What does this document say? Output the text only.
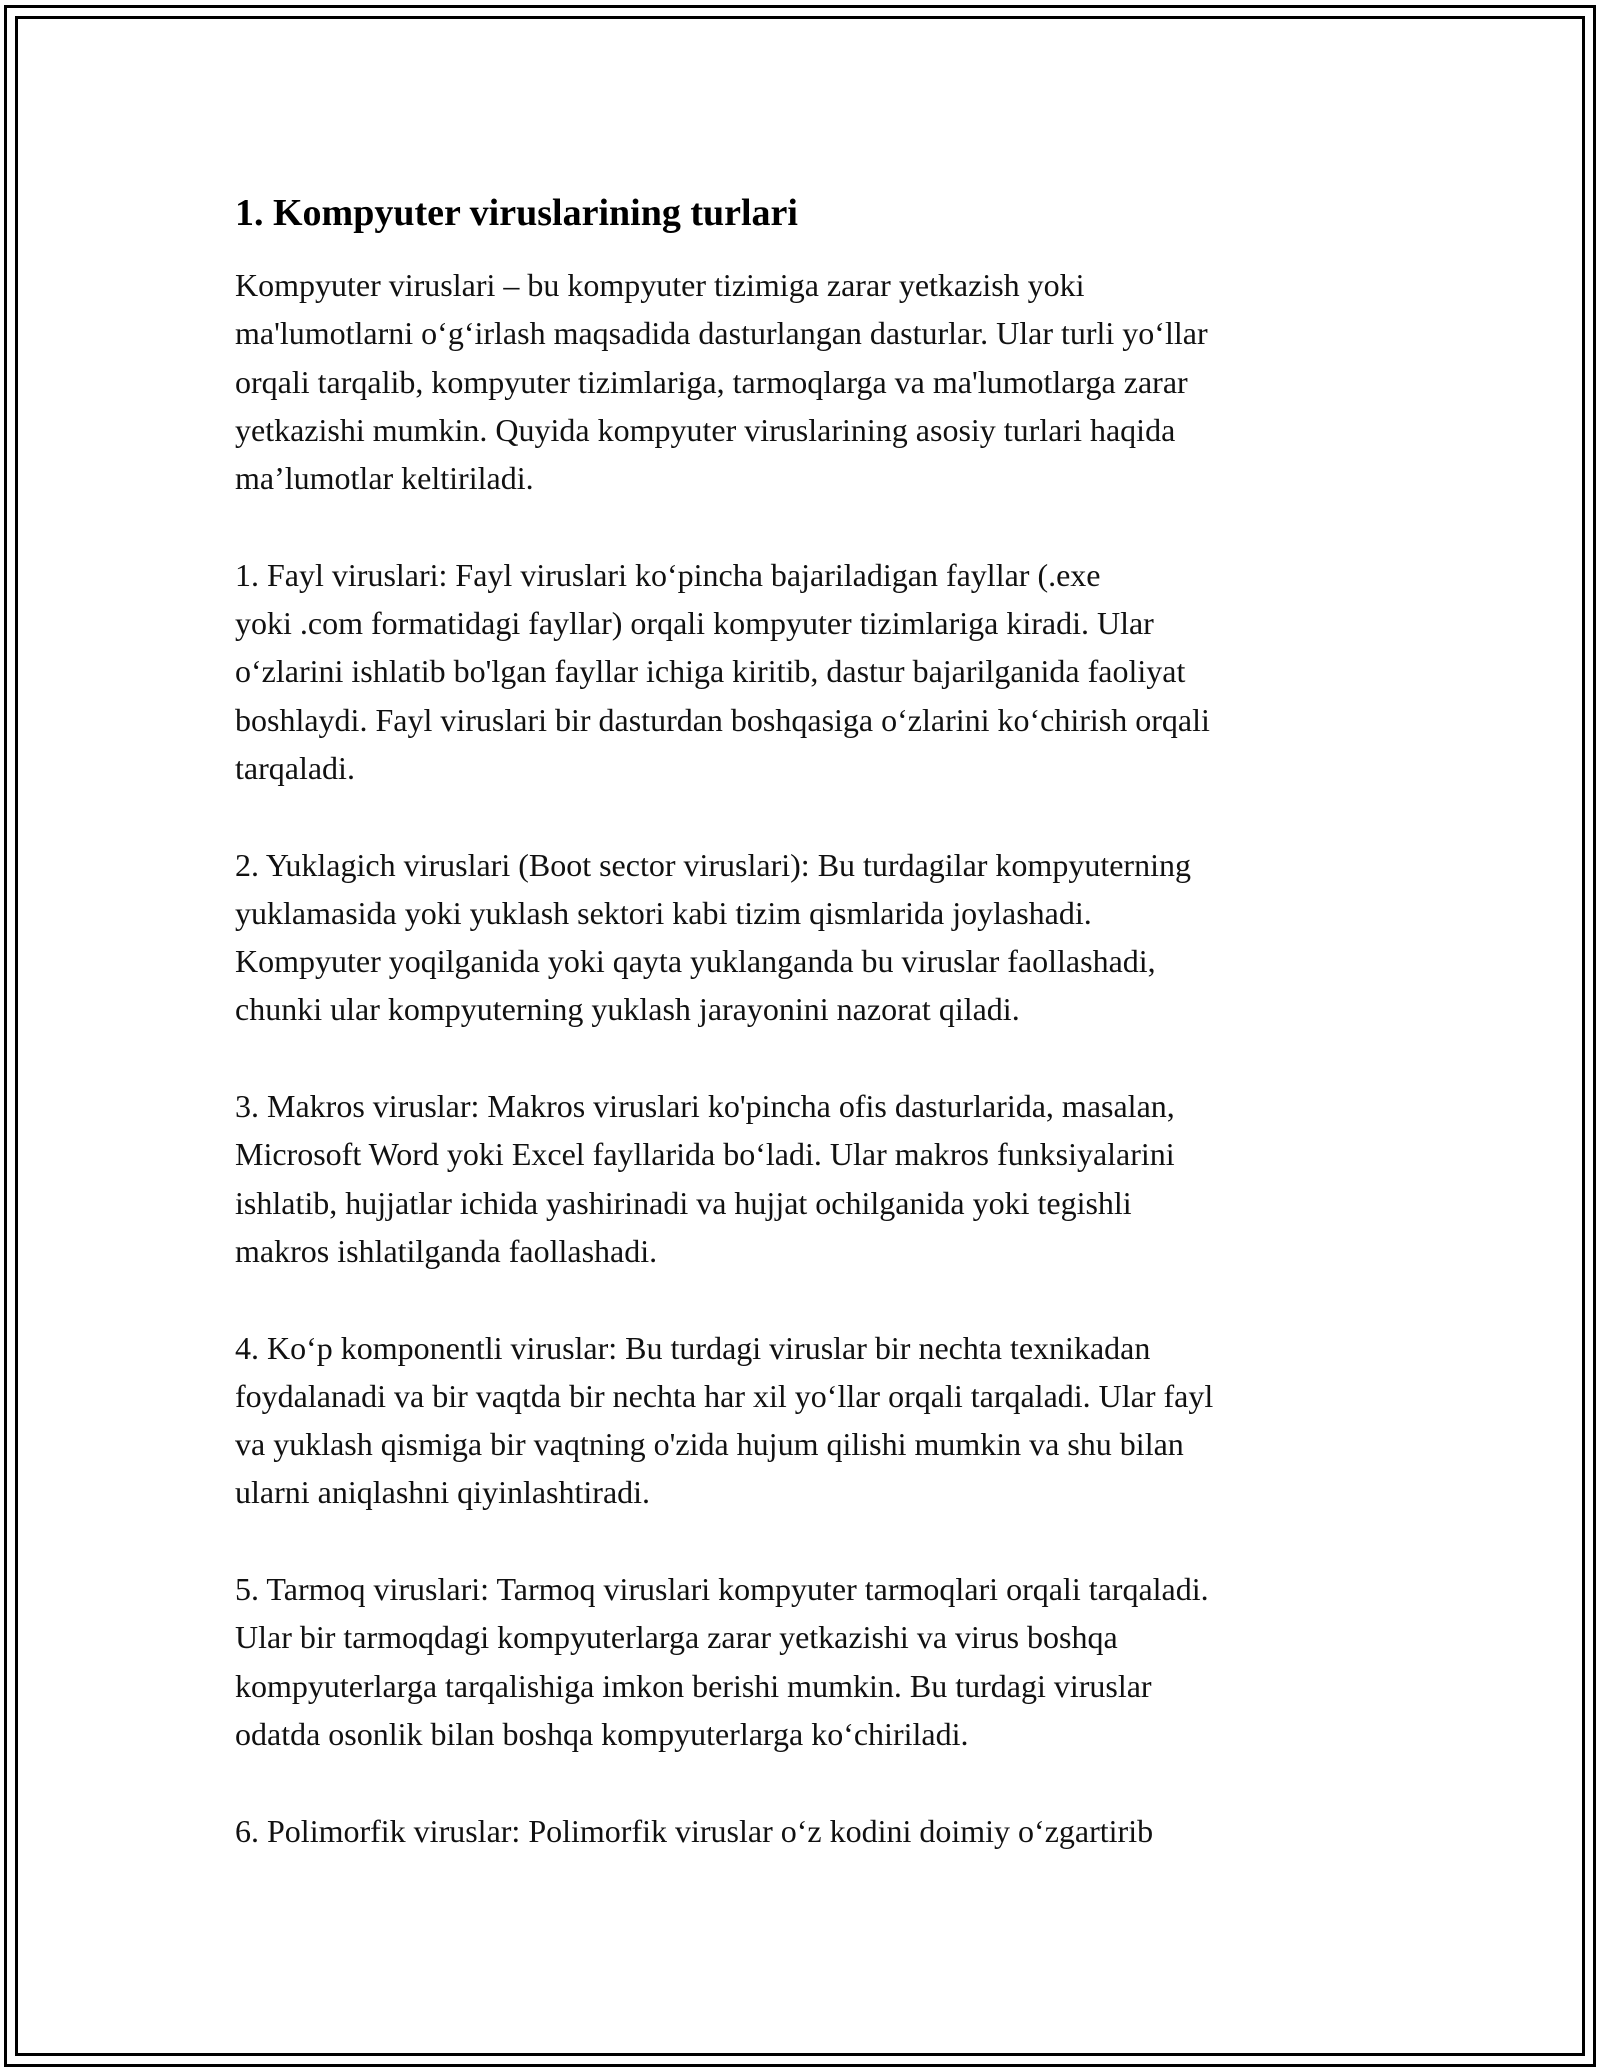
1. Kompyuter viruslarining turlari

Kompyuter viruslari – bu kompyuter tizimiga zarar yetkazish yoki
ma'lumotlarni o‘g‘irlash maqsadida dasturlangan dasturlar. Ular turli yo‘llar
orqali tarqalib, kompyuter tizimlariga, tarmoqlarga va ma'lumotlarga zarar
yetkazishi mumkin. Quyida kompyuter viruslarining asosiy turlari haqida
ma’lumotlar keltiriladi.

1. Fayl viruslari: Fayl viruslari ko‘pincha bajariladigan fayllar (.exe
yoki .com formatidagi fayllar) orqali kompyuter tizimlariga kiradi. Ular
o‘zlarini ishlatib bo'lgan fayllar ichiga kiritib, dastur bajarilganida faoliyat
boshlaydi. Fayl viruslari bir dasturdan boshqasiga o‘zlarini ko‘chirish orqali
tarqaladi.

2. Yuklagich viruslari (Boot sector viruslari): Bu turdagilar kompyuterning
yuklamasida yoki yuklash sektori kabi tizim qismlarida joylashadi.
Kompyuter yoqilganida yoki qayta yuklanganda bu viruslar faollashadi,
chunki ular kompyuterning yuklash jarayonini nazorat qiladi.

3. Makros viruslar: Makros viruslari ko'pincha ofis dasturlarida, masalan,
Microsoft Word yoki Excel fayllarida bo‘ladi. Ular makros funksiyalarini
ishlatib, hujjatlar ichida yashirinadi va hujjat ochilganida yoki tegishli
makros ishlatilganda faollashadi.

4. Ko‘p komponentli viruslar: Bu turdagi viruslar bir nechta texnikadan
foydalanadi va bir vaqtda bir nechta har xil yo‘llar orqali tarqaladi. Ular fayl
va yuklash qismiga bir vaqtning o'zida hujum qilishi mumkin va shu bilan
ularni aniqlashni qiyinlashtiradi.

5. Tarmoq viruslari: Tarmoq viruslari kompyuter tarmoqlari orqali tarqaladi.
Ular bir tarmoqdagi kompyuterlarga zarar yetkazishi va virus boshqa
kompyuterlarga tarqalishiga imkon berishi mumkin. Bu turdagi viruslar
odatda osonlik bilan boshqa kompyuterlarga ko‘chiriladi.

6. Polimorfik viruslar: Polimorfik viruslar o‘z kodini doimiy o‘zgartirib
